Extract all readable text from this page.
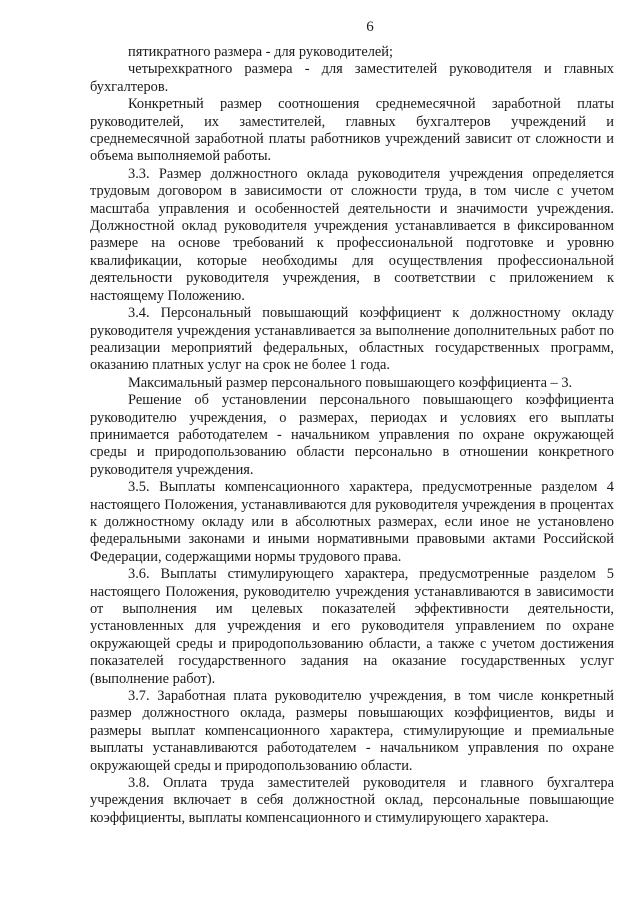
6

пятикратного размера - для руководителей;

четырехкратного размера - для заместителей руководителя и главных бухгалтеров.

Конкретный размер соотношения среднемесячной заработной платы руководителей, их заместителей, главных бухгалтеров учреждений и среднемесячной заработной платы работников учреждений зависит от сложности и объема выполняемой работы.

3.3. Размер должностного оклада руководителя учреждения определяется трудовым договором в зависимости от сложности труда, в том числе с учетом масштаба управления и особенностей деятельности и значимости учреждения. Должностной оклад руководителя учреждения устанавливается в фиксированном размере на основе требований к профессиональной подготовке и уровню квалификации, которые необходимы для осуществления профессиональной деятельности руководителя учреждения, в соответствии с приложением к настоящему Положению.

3.4. Персональный повышающий коэффициент к должностному окладу руководителя учреждения устанавливается за выполнение дополнительных работ по реализации мероприятий федеральных, областных государственных программ, оказанию платных услуг на срок не более 1 года.

Максимальный размер персонального повышающего коэффициента – 3.

Решение об установлении персонального повышающего коэффициента руководителю учреждения, о размерах, периодах и условиях его выплаты принимается работодателем - начальником управления по охране окружающей среды и природопользованию области персонально в отношении конкретного руководителя учреждения.

3.5. Выплаты компенсационного характера, предусмотренные разделом 4 настоящего Положения, устанавливаются для руководителя учреждения в процентах к должностному окладу или в абсолютных размерах, если иное не установлено федеральными законами и иными нормативными правовыми актами Российской Федерации, содержащими нормы трудового права.

3.6. Выплаты стимулирующего характера, предусмотренные разделом 5 настоящего Положения, руководителю учреждения устанавливаются в зависимости от выполнения им целевых показателей эффективности деятельности, установленных для учреждения и его руководителя управлением по охране окружающей среды и природопользованию области, а также с учетом достижения показателей государственного задания на оказание государственных услуг (выполнение работ).

3.7. Заработная плата руководителю учреждения, в том числе конкретный размер должностного оклада, размеры повышающих коэффициентов, виды и размеры выплат компенсационного характера, стимулирующие и премиальные выплаты устанавливаются работодателем - начальником управления по охране окружающей среды и природопользованию области.

3.8. Оплата труда заместителей руководителя и главного бухгалтера учреждения включает в себя должностной оклад, персональные повышающие коэффициенты, выплаты компенсационного и стимулирующего характера.
